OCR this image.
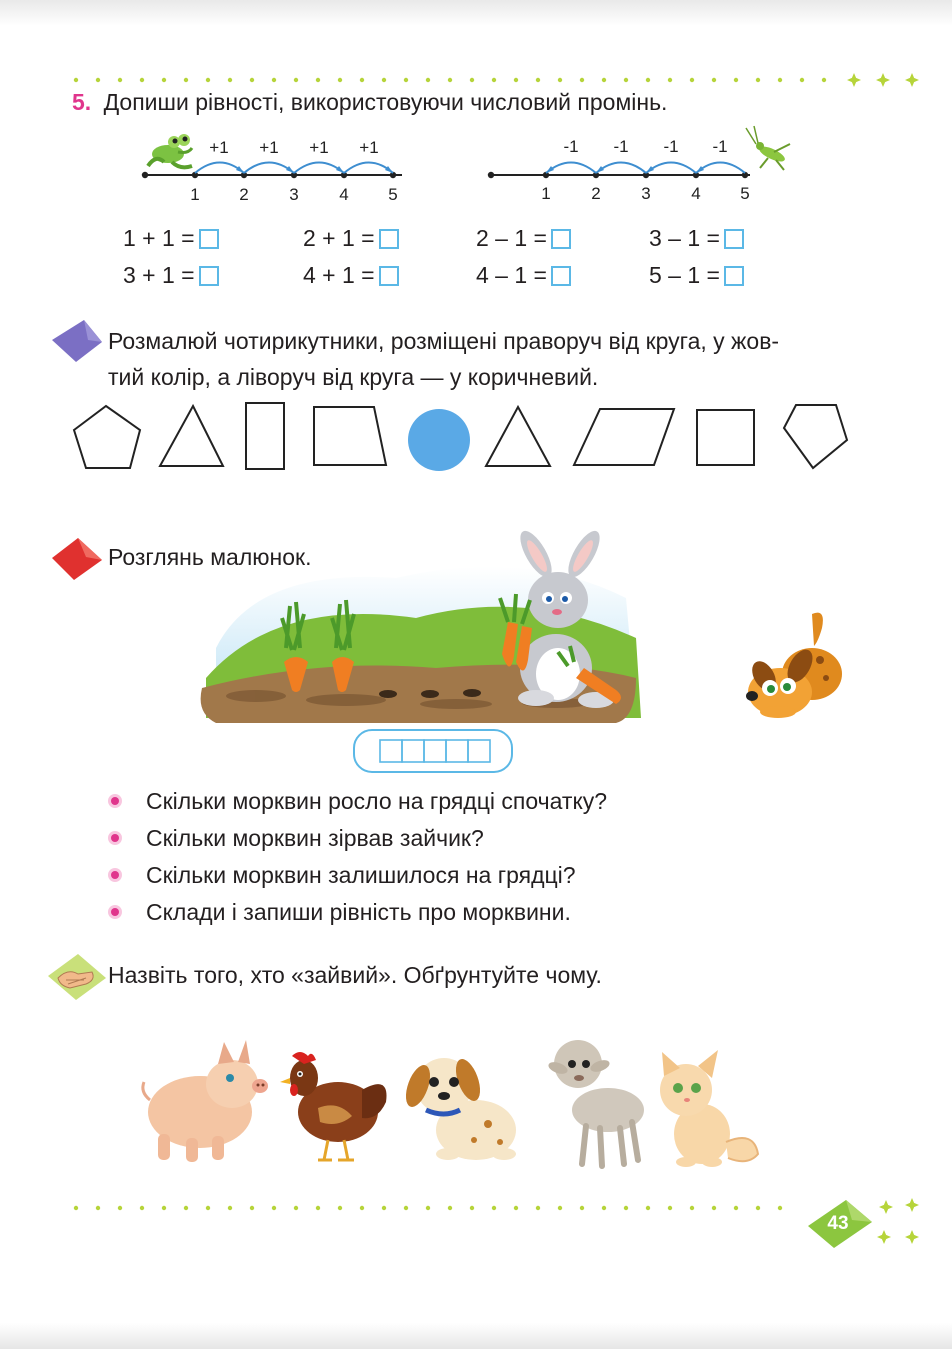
5. Допиши рівності, використовуючи числовий промінь.
+1 +1 +1 +1
1 2 3 4 5
-1 -1 -1 -1
1 2 3 4 5
1 + 1 =	2 + 1 =	2 – 1 =	3 – 1 =
3 + 1 =	4 + 1 =	4 – 1 =	5 – 1 =
Розмалюй чотирикутники, розміщені праворуч від круга, у жов-
тий колір, а ліворуч від круга — у коричневий.
Розглянь малюнок.
Скільки морквин росло на грядці спочатку?
Скільки морквин зірвав зайчик?
Скільки морквин залишилося на грядці?
Склади і запиши рівність про морквини.
Назвіть того, хто «зайвий». Обґрунтуйте чому.
43
